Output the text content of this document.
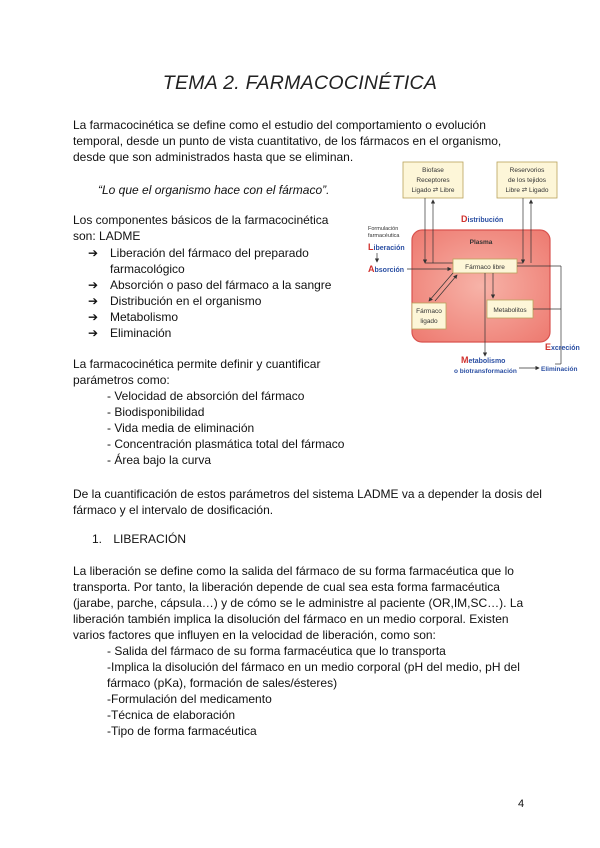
TEMA 2. FARMACOCINÉTICA

La farmacocinética se define como el estudio del comportamiento o evolución temporal, desde un punto de vista cuantitativo, de los fármacos en el organismo, desde que son administrados hasta que se eliminan.

“Lo que el organismo hace con el fármaco”.

Los componentes básicos de la farmacocinética son: LADME

➔ Liberación del fármaco del preparado farmacológico
➔ Absorción o paso del fármaco a la sangre
➔ Distribución en el organismo
➔ Metabolismo
➔ Eliminación

La farmacocinética permite definir y cuantificar parámetros como:

- Velocidad de absorción del fármaco
- Biodisponibilidad
- Vida media de eliminación
- Concentración plasmática total del fármaco
- Área bajo la curva

De la cuantificación de estos parámetros del sistema LADME va a depender la dosis del fármaco y el intervalo de dosificación.

1. LIBERACIÓN

La liberación se define como la salida del fármaco de su forma farmacéutica que lo transporta. Por tanto, la liberación depende de cual sea esta forma farmacéutica (jarabe, parche, cápsula…) y de cómo se le administre al paciente (OR,IM,SC…). La liberación también implica la disolución del fármaco en un medio corporal. Existen varios factores que influyen en la velocidad de liberación, como son:

- Salida del fármaco de su forma farmacéutica que lo transporta
-Implica la disolución del fármaco en un medio corporal (pH del medio, pH del fármaco (pKa), formación de sales/ésteres)
-Formulación del medicamento
-Técnica de elaboración
-Tipo de forma farmacéutica
4
Biofase
Receptores
Ligado ⇄ Libre
Reservorios
de los tejidos
Libre ⇄ Ligado
Distribución
Formulación
farmacéutica
Liberación
Absorción
Plasma
Fármaco libre
Fármaco
ligado
Metabolitos
Excreción
Metabolismo
o biotransformación	Eliminación
